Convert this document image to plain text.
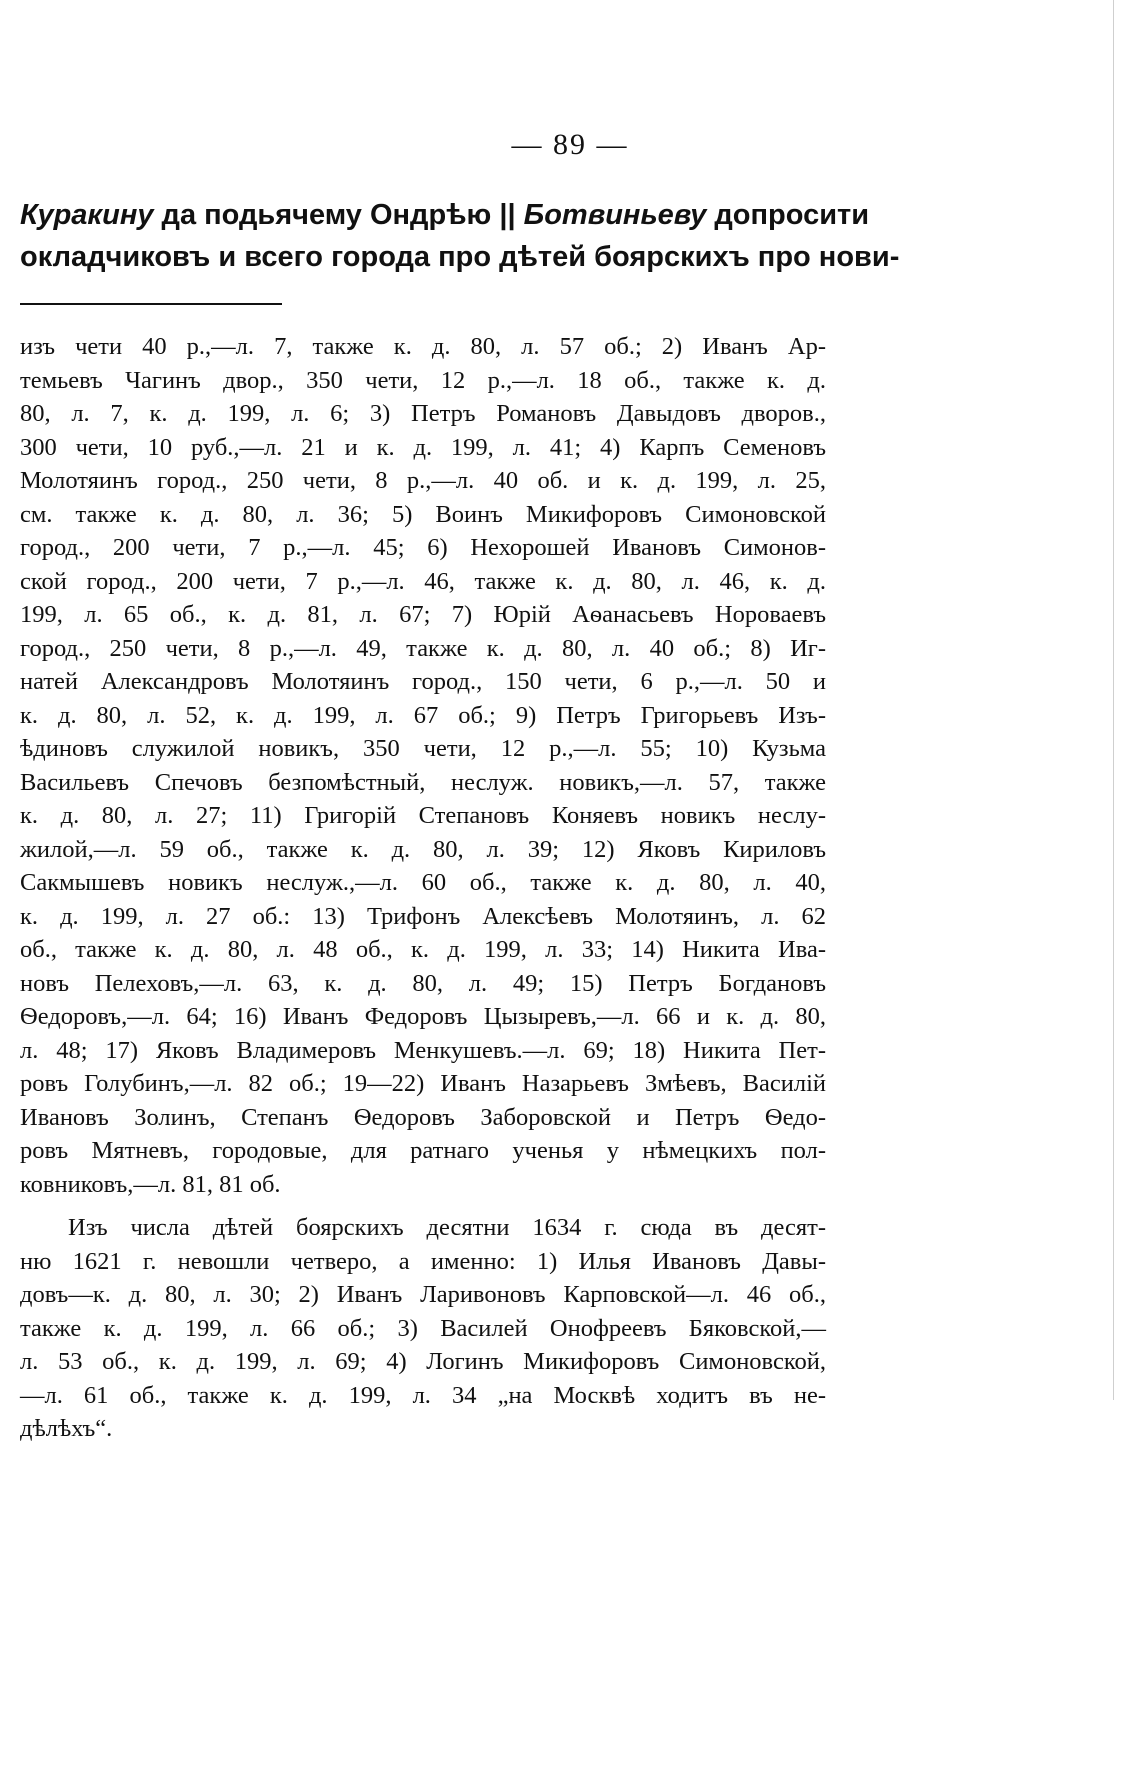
— 89 —
Куракину да подьячему Ондрѣю || Ботвиньеву допросити
окладчиковъ и всего города про дѣтей боярскихъ про нови-

изъ чети 40 р.,—л. 7, также к. д. 80, л. 57 об.; 2) Иванъ Ар-
темьевъ Чагинъ двор., 350 чети, 12 р.,—л. 18 об., также к. д.
80, л. 7, к. д. 199, л. 6; 3) Петръ Романовъ Давыдовъ дворов.,
300 чети, 10 руб.,—л. 21 и к. д. 199, л. 41; 4) Карпъ Семеновъ
Молотяинъ город., 250 чети, 8 р.,—л. 40 об. и к. д. 199, л. 25,
см. также к. д. 80, л. 36; 5) Воинъ Микифоровъ Симоновской
город., 200 чети, 7 р.,—л. 45; 6) Нехорошей Ивановъ Симонов-
ской город., 200 чети, 7 р.,—л. 46, также к. д. 80, л. 46, к. д.
199, л. 65 об., к. д. 81, л. 67; 7) Юрій Аѳанасьевъ Нороваевъ
город., 250 чети, 8 р.,—л. 49, также к. д. 80, л. 40 об.; 8) Иг-
натей Александровъ Молотяинъ город., 150 чети, 6 р.,—л. 50 и
к. д. 80, л. 52, к. д. 199, л. 67 об.; 9) Петръ Григорьевъ Изъ-
ѣдиновъ служилой новикъ, 350 чети, 12 р.,—л. 55; 10) Кузьма
Васильевъ Спечовъ безпомѣстный, неслуж. новикъ,—л. 57, также
к. д. 80, л. 27; 11) Григорій Степановъ Коняевъ новикъ неслу-
жилой,—л. 59 об., также к. д. 80, л. 39; 12) Яковъ Кириловъ
Сакмышевъ новикъ неслуж.,—л. 60 об., также к. д. 80, л. 40,
к. д. 199, л. 27 об.: 13) Трифонъ Алексѣевъ Молотяинъ, л. 62
об., также к. д. 80, л. 48 об., к. д. 199, л. 33; 14) Никита Ива-
новъ Пелеховъ,—л. 63, к. д. 80, л. 49; 15) Петръ Богдановъ
Ѳедоровъ,—л. 64; 16) Иванъ Федоровъ Цызыревъ,—л. 66 и к. д. 80,
л. 48; 17) Яковъ Владимеровъ Менкушевъ.—л. 69; 18) Никита Пет-
ровъ Голубинъ,—л. 82 об.; 19—22) Иванъ Назарьевъ Змѣевъ, Василій
Ивановъ Золинъ, Степанъ Ѳедоровъ Заборовской и Петръ Ѳедо-
ровъ Мятневъ, городовые, для ратнаго ученья у нѣмецкихъ пол-
ковниковъ,—л. 81, 81 об.

Изъ числа дѣтей боярскихъ десятни 1634 г. сюда въ десят-
ню 1621 г. невошли четверо, а именно: 1) Илья Ивановъ Давы-
довъ—к. д. 80, л. 30; 2) Иванъ Ларивоновъ Карповской—л. 46 об.,
также к. д. 199, л. 66 об.; 3) Василей Онофреевъ Бяковской,—
л. 53 об., к. д. 199, л. 69; 4) Логинъ Микифоровъ Симоновской,
—л. 61 об., также к. д. 199, л. 34 „на Москвѣ ходитъ въ не-
дѣлѣхъ“.
